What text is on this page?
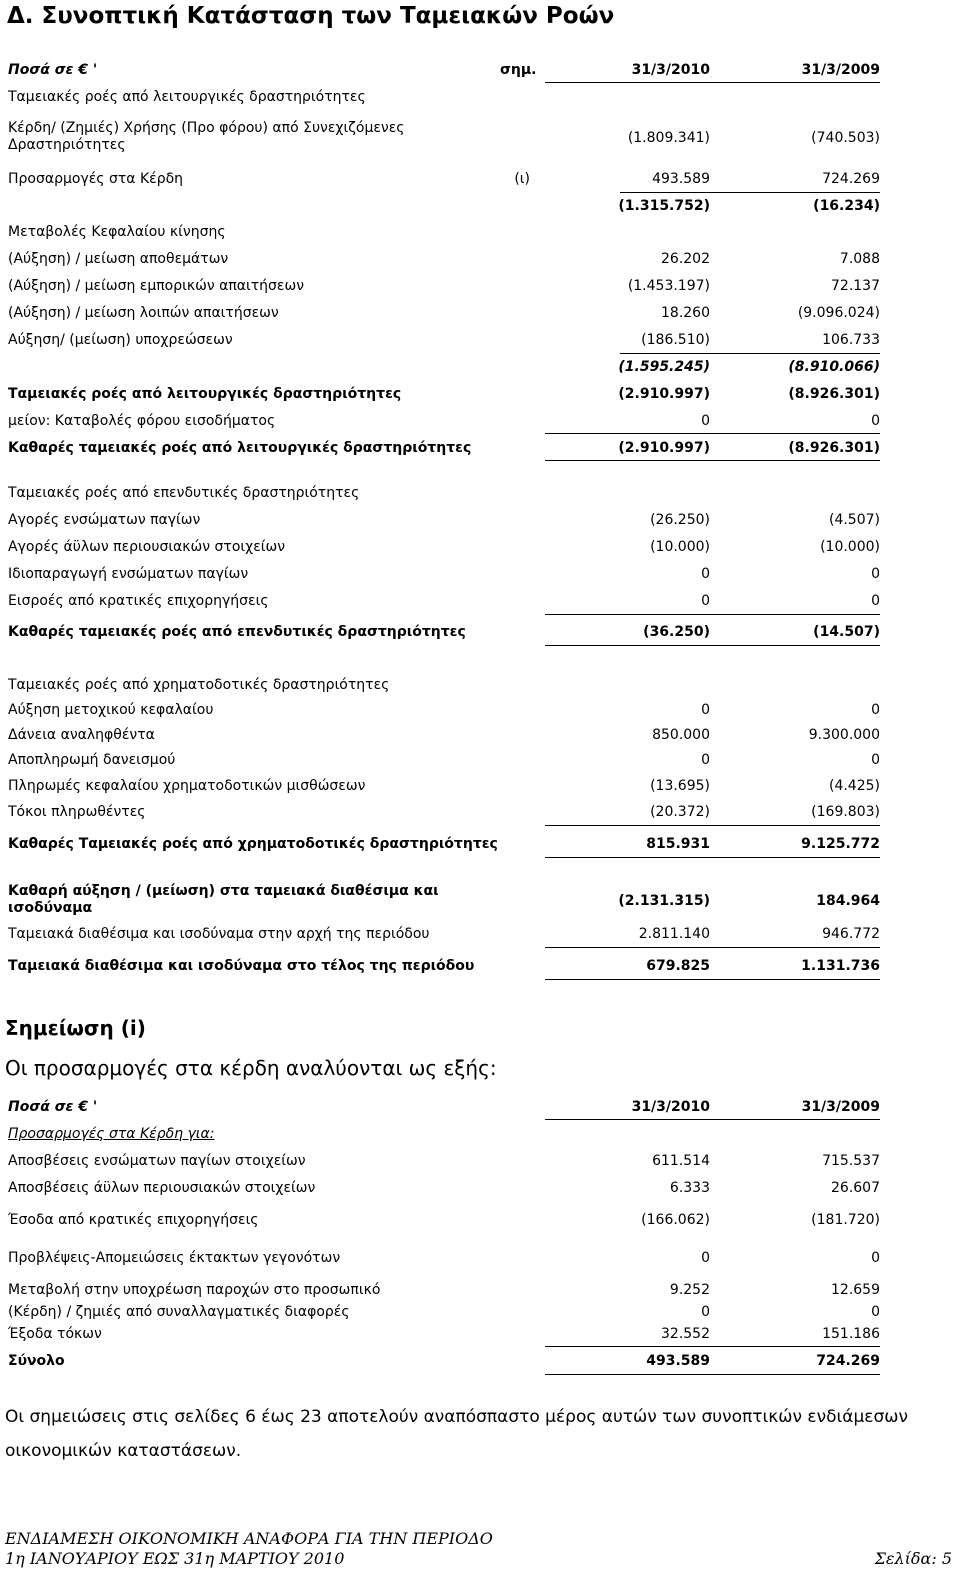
Δ. Συνοπτική Κατάσταση των Ταμειακών Ροών
Ποσά σε € '	σημ.	31/3/2010	31/3/2009
Ταμειακές ροές από λειτουργικές δραστηριότητες
Κέρδη/ (Ζημιές) Χρήσης (Προ φόρου) από Συνεχιζόμενες
Δραστηριότητες	(1.809.341)	(740.503)
Προσαρμογές στα Κέρδη	(ι)	493.589	724.269
(1.315.752)	(16.234)
Μεταβολές Κεφαλαίου κίνησης
(Αύξηση) / μείωση αποθεμάτων	26.202	7.088
(Αύξηση) / μείωση εμπορικών απαιτήσεων	(1.453.197)	72.137
(Αύξηση) / μείωση λοιπών απαιτήσεων	18.260	(9.096.024)
Αύξηση/ (μείωση) υποχρεώσεων	(186.510)	106.733
(1.595.245)	(8.910.066)
Ταμειακές ροές από λειτουργικές δραστηριότητες	(2.910.997)	(8.926.301)
μείον: Καταβολές φόρου εισοδήματος	0	0
Καθαρές ταμειακές ροές από λειτουργικές δραστηριότητες	(2.910.997)	(8.926.301)
Ταμειακές ροές από επενδυτικές δραστηριότητες
Αγορές ενσώματων παγίων	(26.250)	(4.507)
Αγορές άϋλων περιουσιακών στοιχείων	(10.000)	(10.000)
Ιδιοπαραγωγή ενσώματων παγίων	0	0
Εισροές από κρατικές επιχορηγήσεις	0	0
Καθαρές ταμειακές ροές από επενδυτικές δραστηριότητες	(36.250)	(14.507)
Ταμειακές ροές από χρηματοδοτικές δραστηριότητες
Αύξηση μετοχικού κεφαλαίου	0	0
Δάνεια αναληφθέντα	850.000	9.300.000
Αποπληρωμή δανεισμού	0	0
Πληρωμές κεφαλαίου χρηματοδοτικών μισθώσεων	(13.695)	(4.425)
Τόκοι πληρωθέντες	(20.372)	(169.803)
Καθαρές Ταμειακές ροές από χρηματοδοτικές δραστηριότητες	815.931	9.125.772
Καθαρή αύξηση / (μείωση) στα ταμειακά διαθέσιμα και
ισοδύναμα	(2.131.315)	184.964
Ταμειακά διαθέσιμα και ισοδύναμα στην αρχή της περιόδου	2.811.140	946.772
Ταμειακά διαθέσιμα και ισοδύναμα στο τέλος της περιόδου	679.825	1.131.736
Σημείωση (i)
Οι προσαρμογές στα κέρδη αναλύονται ως εξής:
Ποσά σε € '	31/3/2010	31/3/2009
Προσαρμογές στα Κέρδη για:
Αποσβέσεις ενσώματων παγίων στοιχείων	611.514	715.537
Αποσβέσεις άϋλων περιουσιακών στοιχείων	6.333	26.607
Έσοδα από κρατικές επιχορηγήσεις	(166.062)	(181.720)
Προβλέψεις-Απομειώσεις έκτακτων γεγονότων	0	0
Μεταβολή στην υποχρέωση παροχών στο προσωπικό	9.252	12.659
(Κέρδη) / ζημιές από συναλλαγματικές διαφορές	0	0
Έξοδα τόκων	32.552	151.186
Σύνολο	493.589	724.269
Οι σημειώσεις στις σελίδες 6 έως 23 αποτελούν αναπόσπαστο μέρος αυτών των συνοπτικών ενδιάμεσων
οικονομικών καταστάσεων.
ΕΝΔΙΑΜΕΣΗ ΟΙΚΟΝΟΜΙΚΗ ΑΝΑΦΟΡΑ ΓΙΑ ΤΗΝ ΠΕΡΙΟΔΟ
1η ΙΑΝΟΥΑΡΙΟΥ ΕΩΣ 31η ΜΑΡΤΙΟΥ 2010	Σελίδα: 5
